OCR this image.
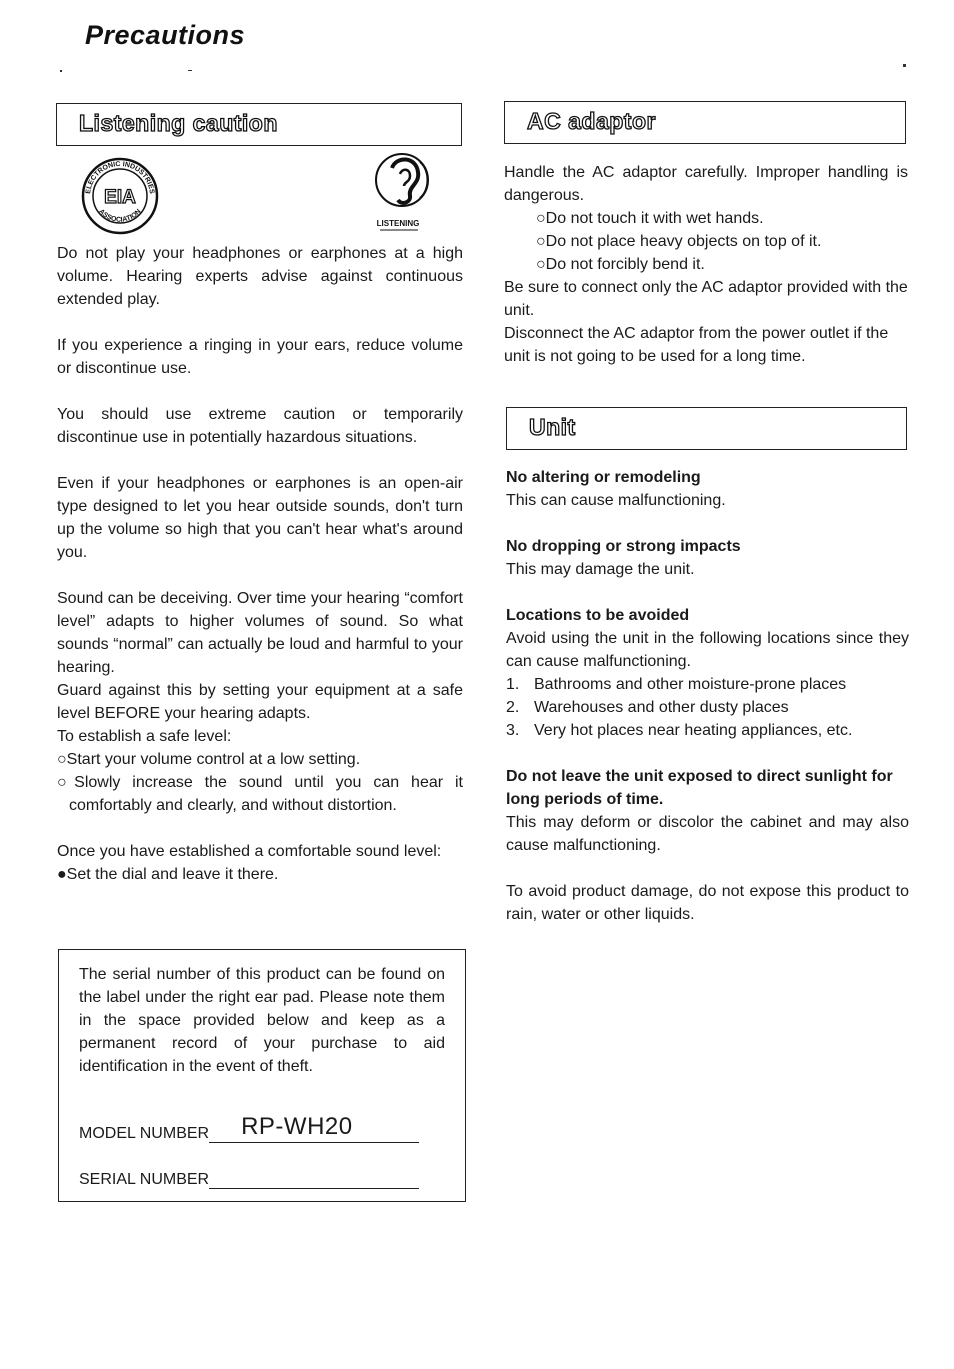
Precautions
Listening caution
ELECTRONIC INDUSTRIES
ASSOCIATION
EIA
LISTENING

Do not play your headphones or earphones at a high volume. Hearing experts advise against continuous extended play.

If you experience a ringing in your ears, reduce volume or discontinue use.

You should use extreme caution or temporarily discontinue use in potentially hazardous situations.

Even if your headphones or earphones is an open-air type designed to let you hear outside sounds, don't turn up the volume so high that you can't hear what's around you.

Sound can be deceiving. Over time your hearing “comfort level” adapts to higher volumes of sound. So what sounds “normal” can actually be loud and harmful to your hearing.

Guard against this by setting your equipment at a safe level BEFORE your hearing adapts.

To establish a safe level:

○Start your volume control at a low setting.

○Slowly increase the sound until you can hear it comfortably and clearly, and without distortion.

Once you have established a comfortable sound level:

●Set the dial and leave it there.

The serial number of this product can be found on the label under the right ear pad. Please note them in the space provided below and keep as a permanent record of your purchase to aid identification in the event of theft.
MODEL NUMBER RP-WH20
SERIAL NUMBER
AC adaptor

Handle the AC adaptor carefully. Improper handling is dangerous.

○Do not touch it with wet hands.

○Do not place heavy objects on top of it.

○Do not forcibly bend it.

Be sure to connect only the AC adaptor provided with the unit.

Disconnect the AC adaptor from the power outlet if the unit is not going to be used for a long time.

Unit

No altering or remodeling

This can cause malfunctioning.

No dropping or strong impacts

This may damage the unit.

Locations to be avoided

Avoid using the unit in the following locations since they can cause malfunctioning.

1. Bathrooms and other moisture-prone places
2. Warehouses and other dusty places
3. Very hot places near heating appliances, etc.

Do not leave the unit exposed to direct sunlight for long periods of time.

This may deform or discolor the cabinet and may also cause malfunctioning.

To avoid product damage, do not expose this product to rain, water or other liquids.
